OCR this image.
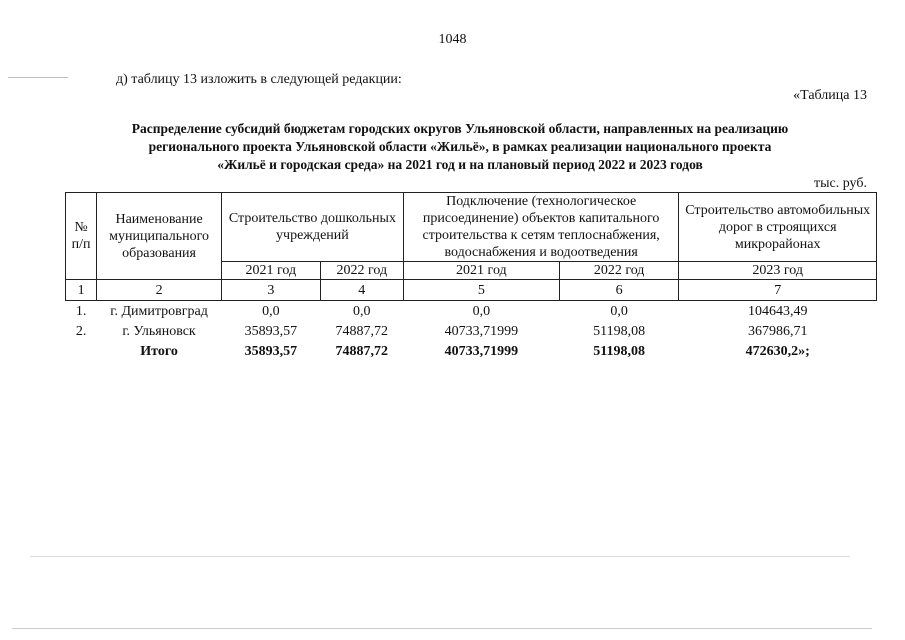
1048
д) таблицу 13 изложить в следующей редакции:
«Таблица 13
Распределение субсидий бюджетам городских округов Ульяновской области, направленных на реализацию
регионального проекта Ульяновской области «Жильё», в рамках реализации национального проекта
«Жильё и городская среда» на 2021 год и на плановый период 2022 и 2023 годов
тыс. руб.
№ п/п	Наименование муниципального образования	Строительство дошкольных учреждений		Подключение (технологическое присоединение) объектов капитального строительства к сетям теплоснабжения, водоснабжения и водоотведения		Строительство автомобильных дорог в строящихся микрорайонах
		2021 год	2022 год	2021 год	2022 год	2023 год
1	2	3	4	5	6	7
1.	г. Димитровград	0,0	0,0	0,0	0,0	104643,49
2.	г. Ульяновск	35893,57	74887,72	40733,71999	51198,08	367986,71
	Итого	35893,57	74887,72	40733,71999	51198,08	472630,2»;
